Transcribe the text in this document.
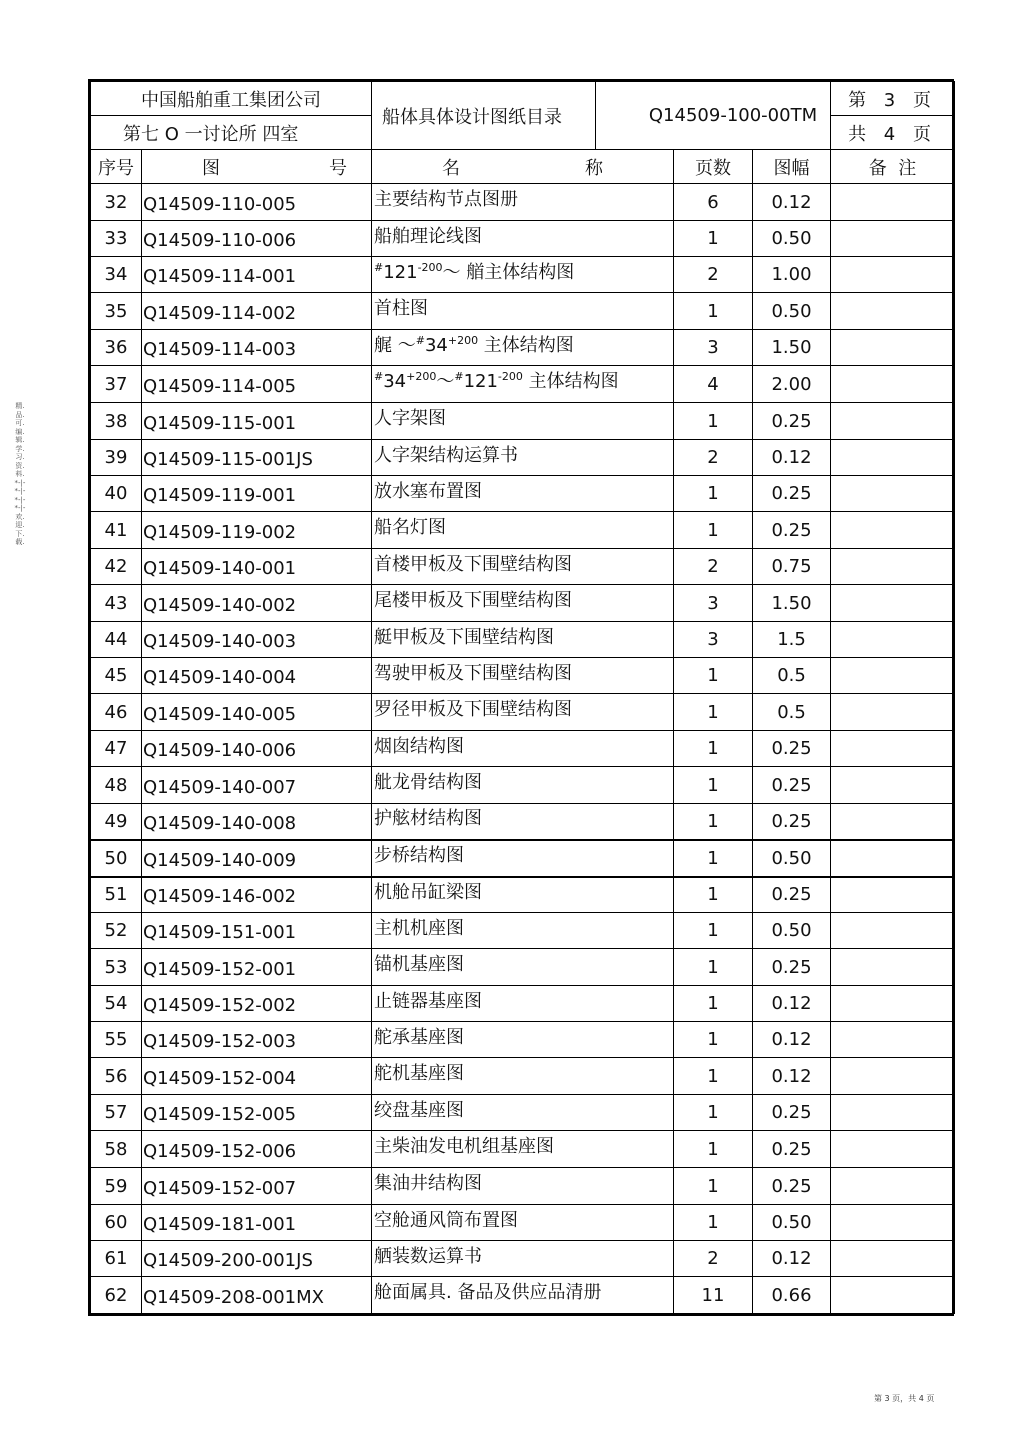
精.品.可.编.辑.学.习.资.料.*-|-*-|-*-|-*-|-欢.迎.下.载.
中国船舶重工集团公司		船体具体设计图纸目录	Q14509-100-00TM			第 3 页
第七 O 一讨论所 四室						共 4 页
序号	图 号	名 称		页数	图幅	备  注
32	Q14509-110-005	主要结构节点图册		6	0.12	
33	Q14509-110-006	船舶理论线图		1	0.50	
34	Q14509-114-001	$^{\#}121^{-200}\sim$ 艏主体结构图		2	1.00	
35	Q14509-114-002	首柱图		1	0.50	
36	Q14509-114-003	艉 $\sim^{\#}34^{+200}$ 主体结构图		3	1.50	
37	Q14509-114-005	$^{\#}34^{+200}\sim^{\#}121^{-200}$ 主体结构图		4	2.00	
38	Q14509-115-001	人字架图		1	0.25	
39	Q14509-115-001JS	人字架结构运算书		2	0.12	
40	Q14509-119-001	放水塞布置图		1	0.25	
41	Q14509-119-002	船名灯图		1	0.25	
42	Q14509-140-001	首楼甲板及下围壁结构图		2	0.75	
43	Q14509-140-002	尾楼甲板及下围壁结构图		3	1.50	
44	Q14509-140-003	艇甲板及下围壁结构图		3	1.5	
45	Q14509-140-004	驾驶甲板及下围壁结构图		1	0.5	
46	Q14509-140-005	罗径甲板及下围壁结构图		1	0.5	
47	Q14509-140-006	烟囱结构图		1	0.25	
48	Q14509-140-007	舭龙骨结构图		1	0.25	
49	Q14509-140-008	护舷材结构图		1	0.25	
50	Q14509-140-009	步桥结构图		1	0.50	
51	Q14509-146-002	机舱吊缸梁图		1	0.25	
52	Q14509-151-001	主机机座图		1	0.50	
53	Q14509-152-001	锚机基座图		1	0.25	
54	Q14509-152-002	止链器基座图		1	0.12	
55	Q14509-152-003	舵承基座图		1	0.12	
56	Q14509-152-004	舵机基座图		1	0.12	
57	Q14509-152-005	绞盘基座图		1	0.25	
58	Q14509-152-006	主柴油发电机组基座图		1	0.25	
59	Q14509-152-007	集油井结构图		1	0.25	
60	Q14509-181-001	空舱通风筒布置图		1	0.50	
61	Q14509-200-001JS	舾装数运算书		2	0.12	
62	Q14509-208-001MX	舱面属具. 备品及供应品清册		11	0.66	
第 3 页，共 4 页
